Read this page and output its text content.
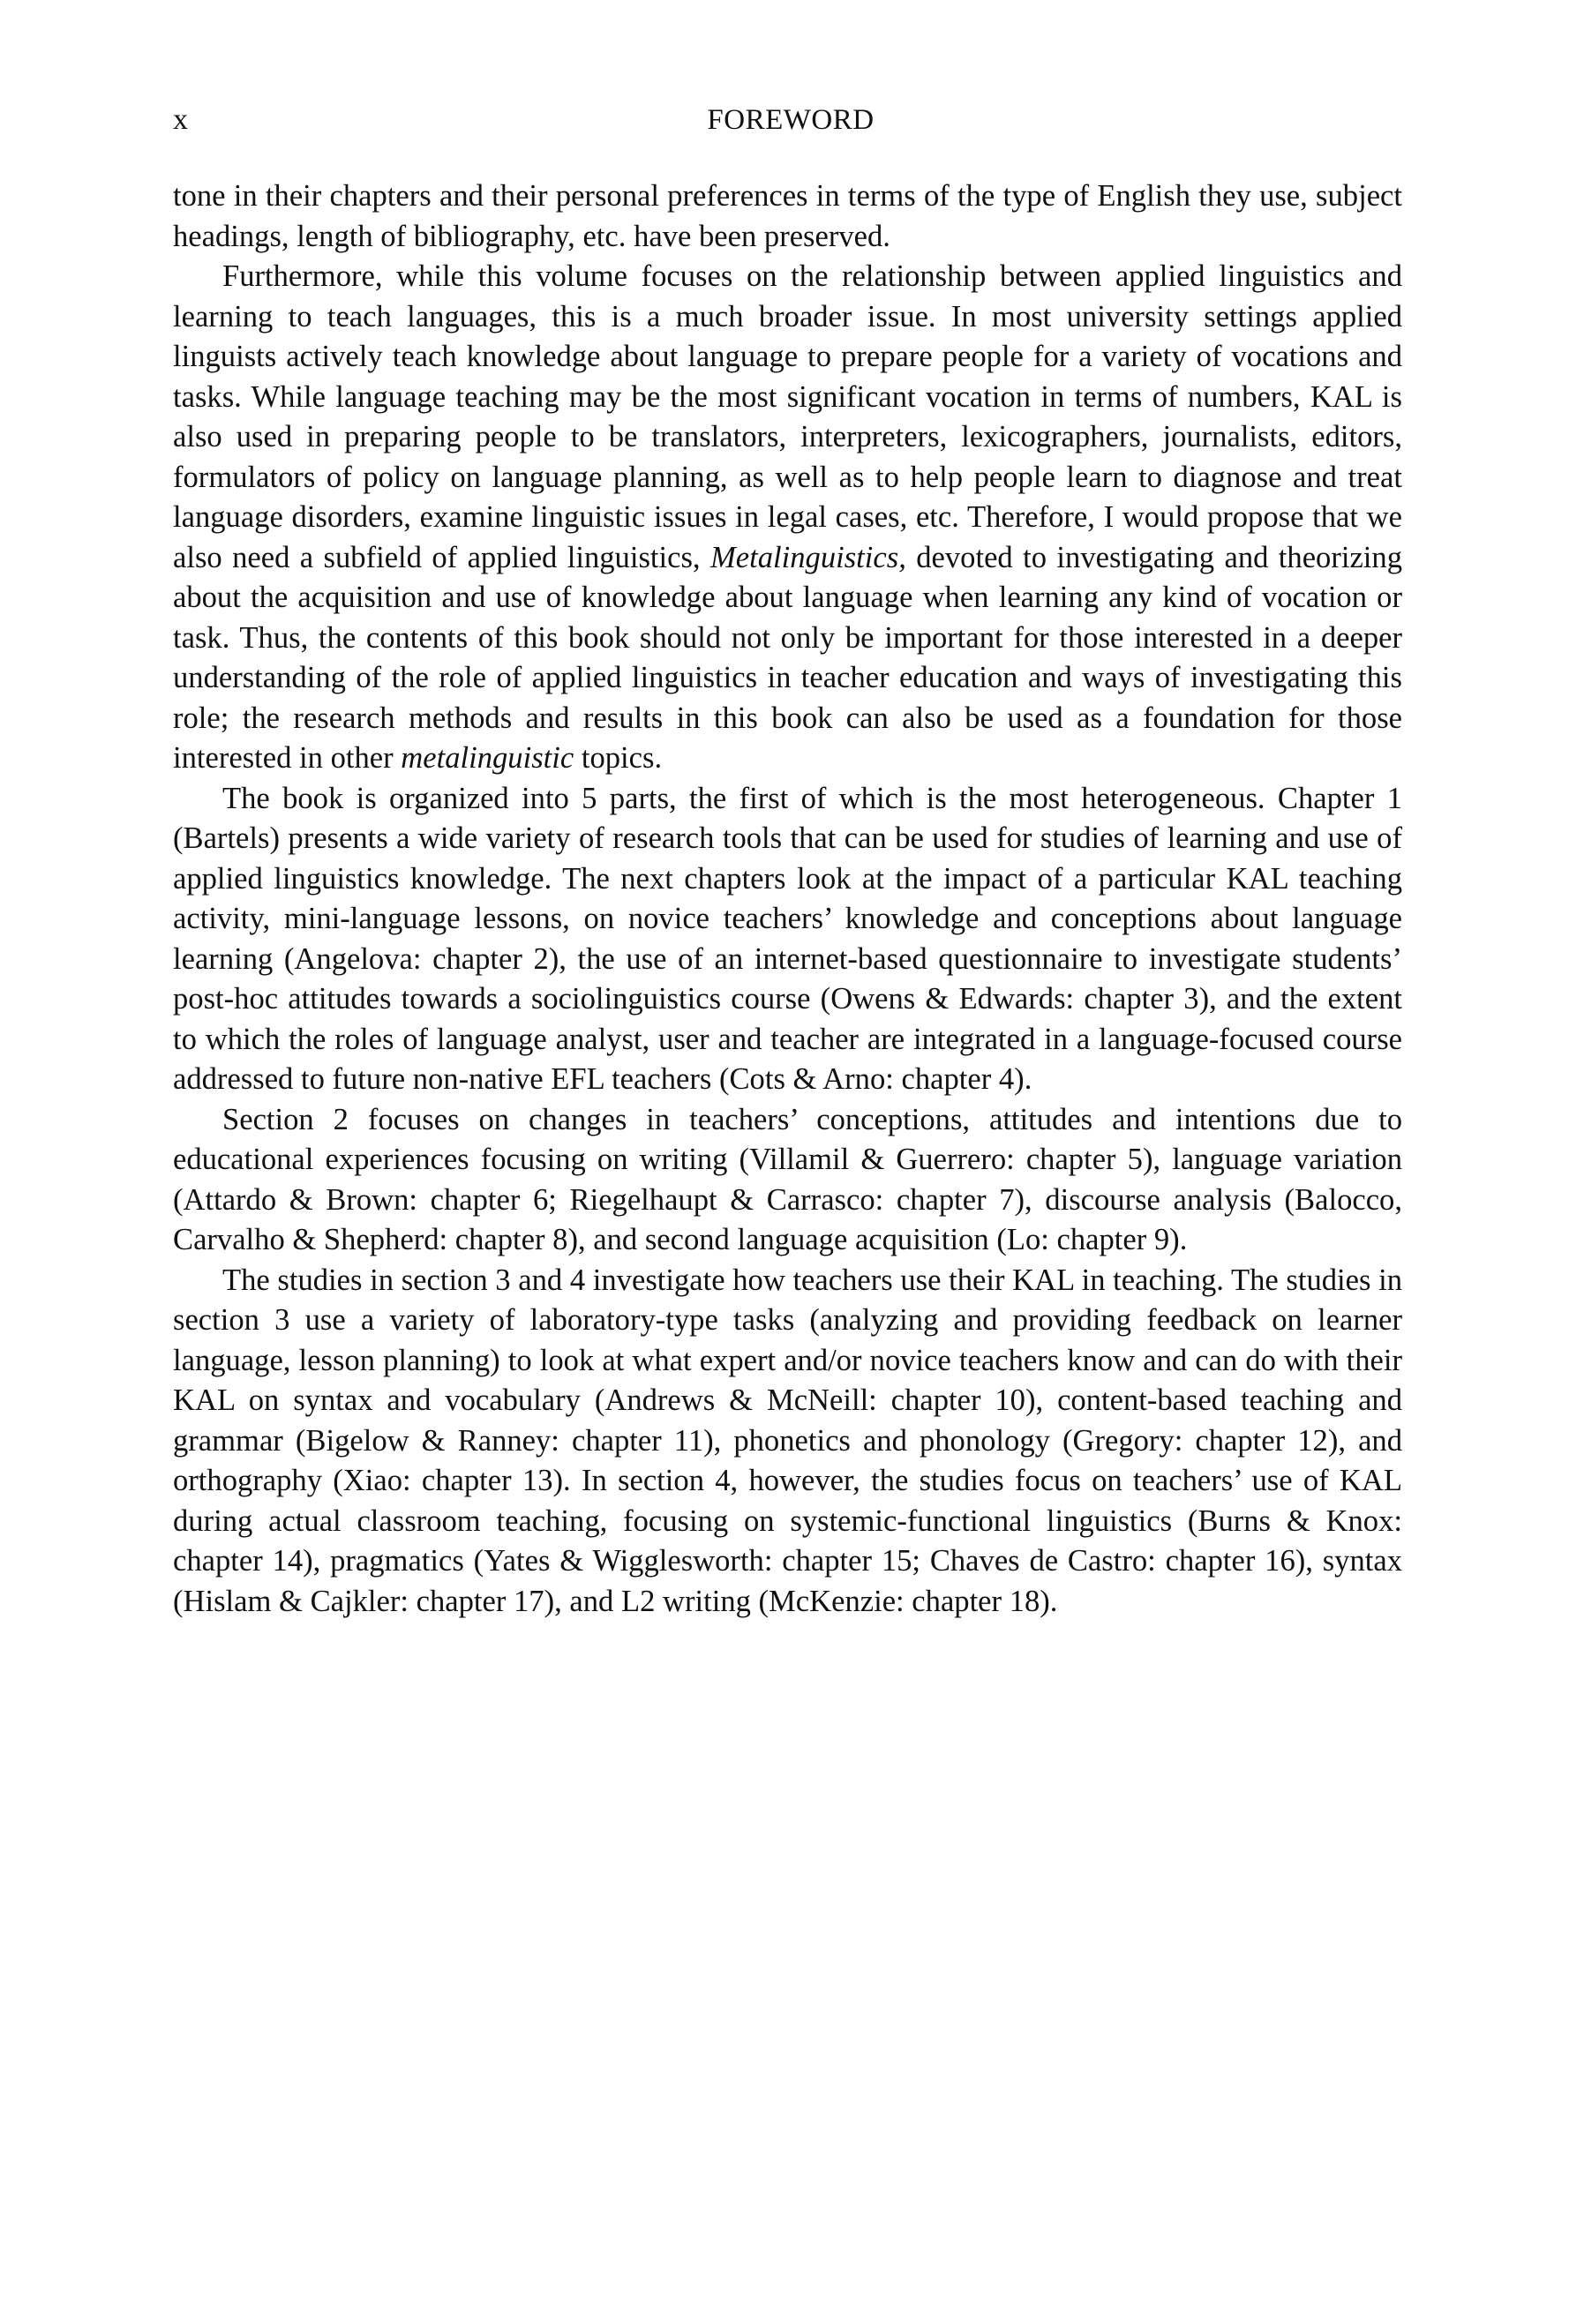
x	FOREWORD

tone in their chapters and their personal preferences in terms of the type of English they use, subject headings, length of bibliography, etc. have been preserved.

Furthermore, while this volume focuses on the relationship between applied linguistics and learning to teach languages, this is a much broader issue. In most university settings applied linguists actively teach knowledge about language to prepare people for a variety of vocations and tasks. While language teaching may be the most significant vocation in terms of numbers, KAL is also used in preparing people to be translators, interpreters, lexicographers, journalists, editors, formulators of policy on language planning, as well as to help people learn to diagnose and treat language disorders, examine linguistic issues in legal cases, etc. Therefore, I would propose that we also need a subfield of applied linguistics, Metalinguistics, devoted to investigating and theorizing about the acquisition and use of knowledge about language when learning any kind of vocation or task. Thus, the contents of this book should not only be important for those interested in a deeper understanding of the role of applied linguistics in teacher education and ways of investigating this role; the research methods and results in this book can also be used as a foundation for those interested in other metalinguistic topics.

The book is organized into 5 parts, the first of which is the most heterogeneous. Chapter 1 (Bartels) presents a wide variety of research tools that can be used for studies of learning and use of applied linguistics knowledge. The next chapters look at the impact of a particular KAL teaching activity, mini-language lessons, on novice teachers’ knowledge and conceptions about language learning (Angelova: chapter 2), the use of an internet-based questionnaire to investigate students’ post-hoc attitudes towards a sociolinguistics course (Owens & Edwards: chapter 3), and the extent to which the roles of language analyst, user and teacher are integrated in a language-focused course addressed to future non-native EFL teachers (Cots & Arno: chapter 4).

Section 2 focuses on changes in teachers’ conceptions, attitudes and intentions due to educational experiences focusing on writing (Villamil & Guerrero: chapter 5), language variation (Attardo & Brown: chapter 6; Riegelhaupt & Carrasco: chapter 7), discourse analysis (Balocco, Carvalho & Shepherd: chapter 8), and second language acquisition (Lo: chapter 9).

The studies in section 3 and 4 investigate how teachers use their KAL in teaching. The studies in section 3 use a variety of laboratory-type tasks (analyzing and providing feedback on learner language, lesson planning) to look at what expert and/or novice teachers know and can do with their KAL on syntax and vocabulary (Andrews & McNeill: chapter 10), content-based teaching and grammar (Bigelow & Ranney: chapter 11), phonetics and phonology (Gregory: chapter 12), and orthography (Xiao: chapter 13). In section 4, however, the studies focus on teachers’ use of KAL during actual classroom teaching, focusing on systemic-functional linguistics (Burns & Knox: chapter 14), pragmatics (Yates & Wigglesworth: chapter 15; Chaves de Castro: chapter 16), syntax (Hislam & Cajkler: chapter 17), and L2 writing (McKenzie: chapter 18).
